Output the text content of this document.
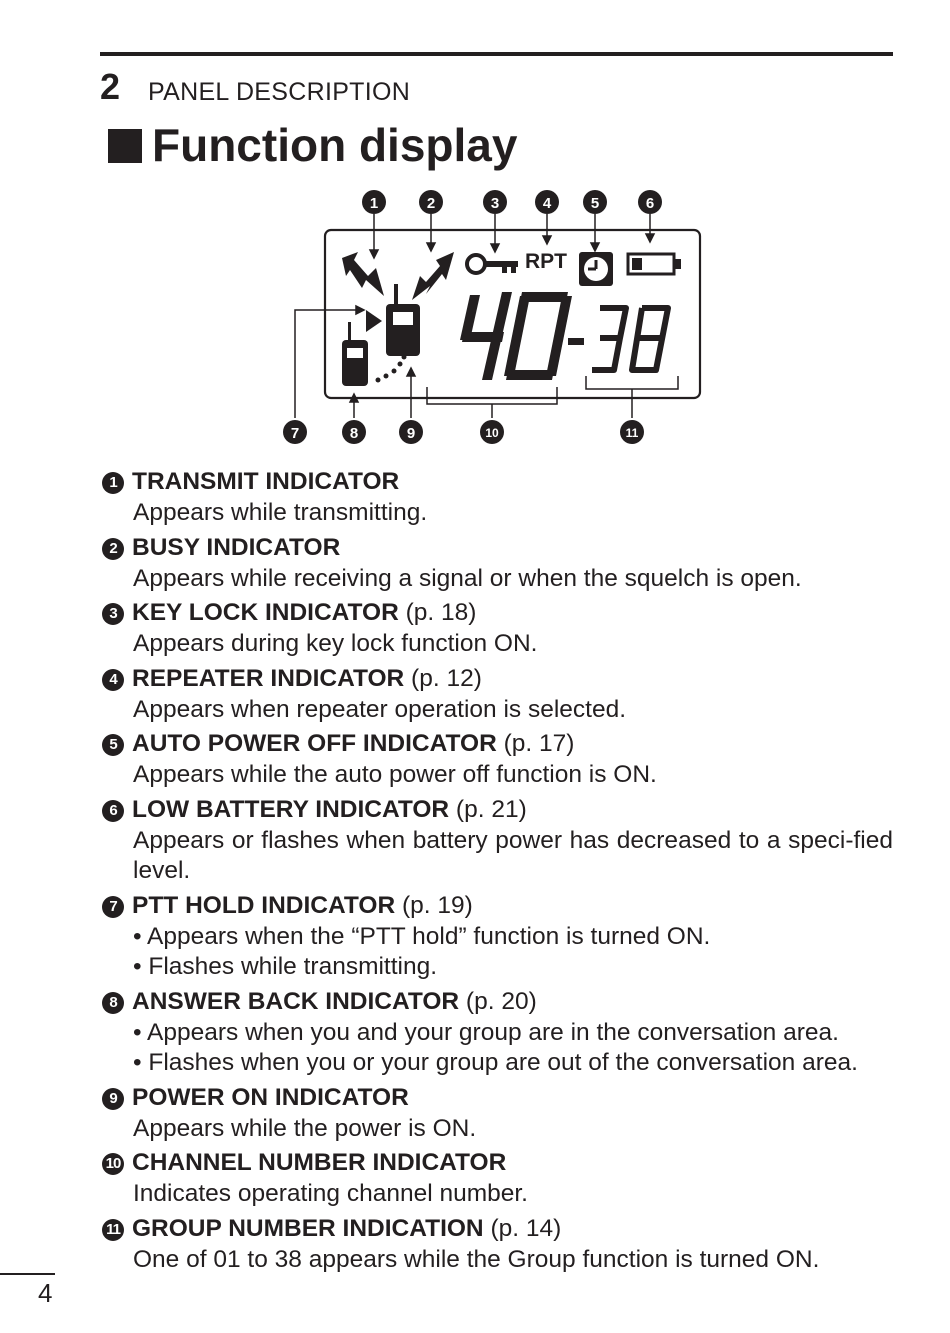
2 PANEL DESCRIPTION
Function display
1	2	3	4	5	6
RPT
40	38
7	8	9	10	11
1 TRANSMIT INDICATOR
Appears while transmitting.
2 BUSY INDICATOR
Appears while receiving a signal or when the squelch is open.
3 KEY LOCK INDICATOR (p. 18)
Appears during key lock function ON.
4 REPEATER INDICATOR (p. 12)
Appears when repeater operation is selected.
5 AUTO POWER OFF INDICATOR (p. 17)
Appears while the auto power off function is ON.
6 LOW BATTERY INDICATOR (p. 21)
Appears or flashes when battery power has decreased to a speci-fied level.
7 PTT HOLD INDICATOR (p. 19)
• Appears when the “PTT hold” function is turned ON.
• Flashes while transmitting.
8 ANSWER BACK INDICATOR (p. 20)
• Appears when you and your group are in the conversation area.
• Flashes when you or your group are out of the conversation area.
9 POWER ON INDICATOR
Appears while the power is ON.
10 CHANNEL NUMBER INDICATOR
Indicates operating channel number.
11 GROUP NUMBER INDICATION (p. 14)
One of 01 to 38 appears while the Group function is turned ON.
4
